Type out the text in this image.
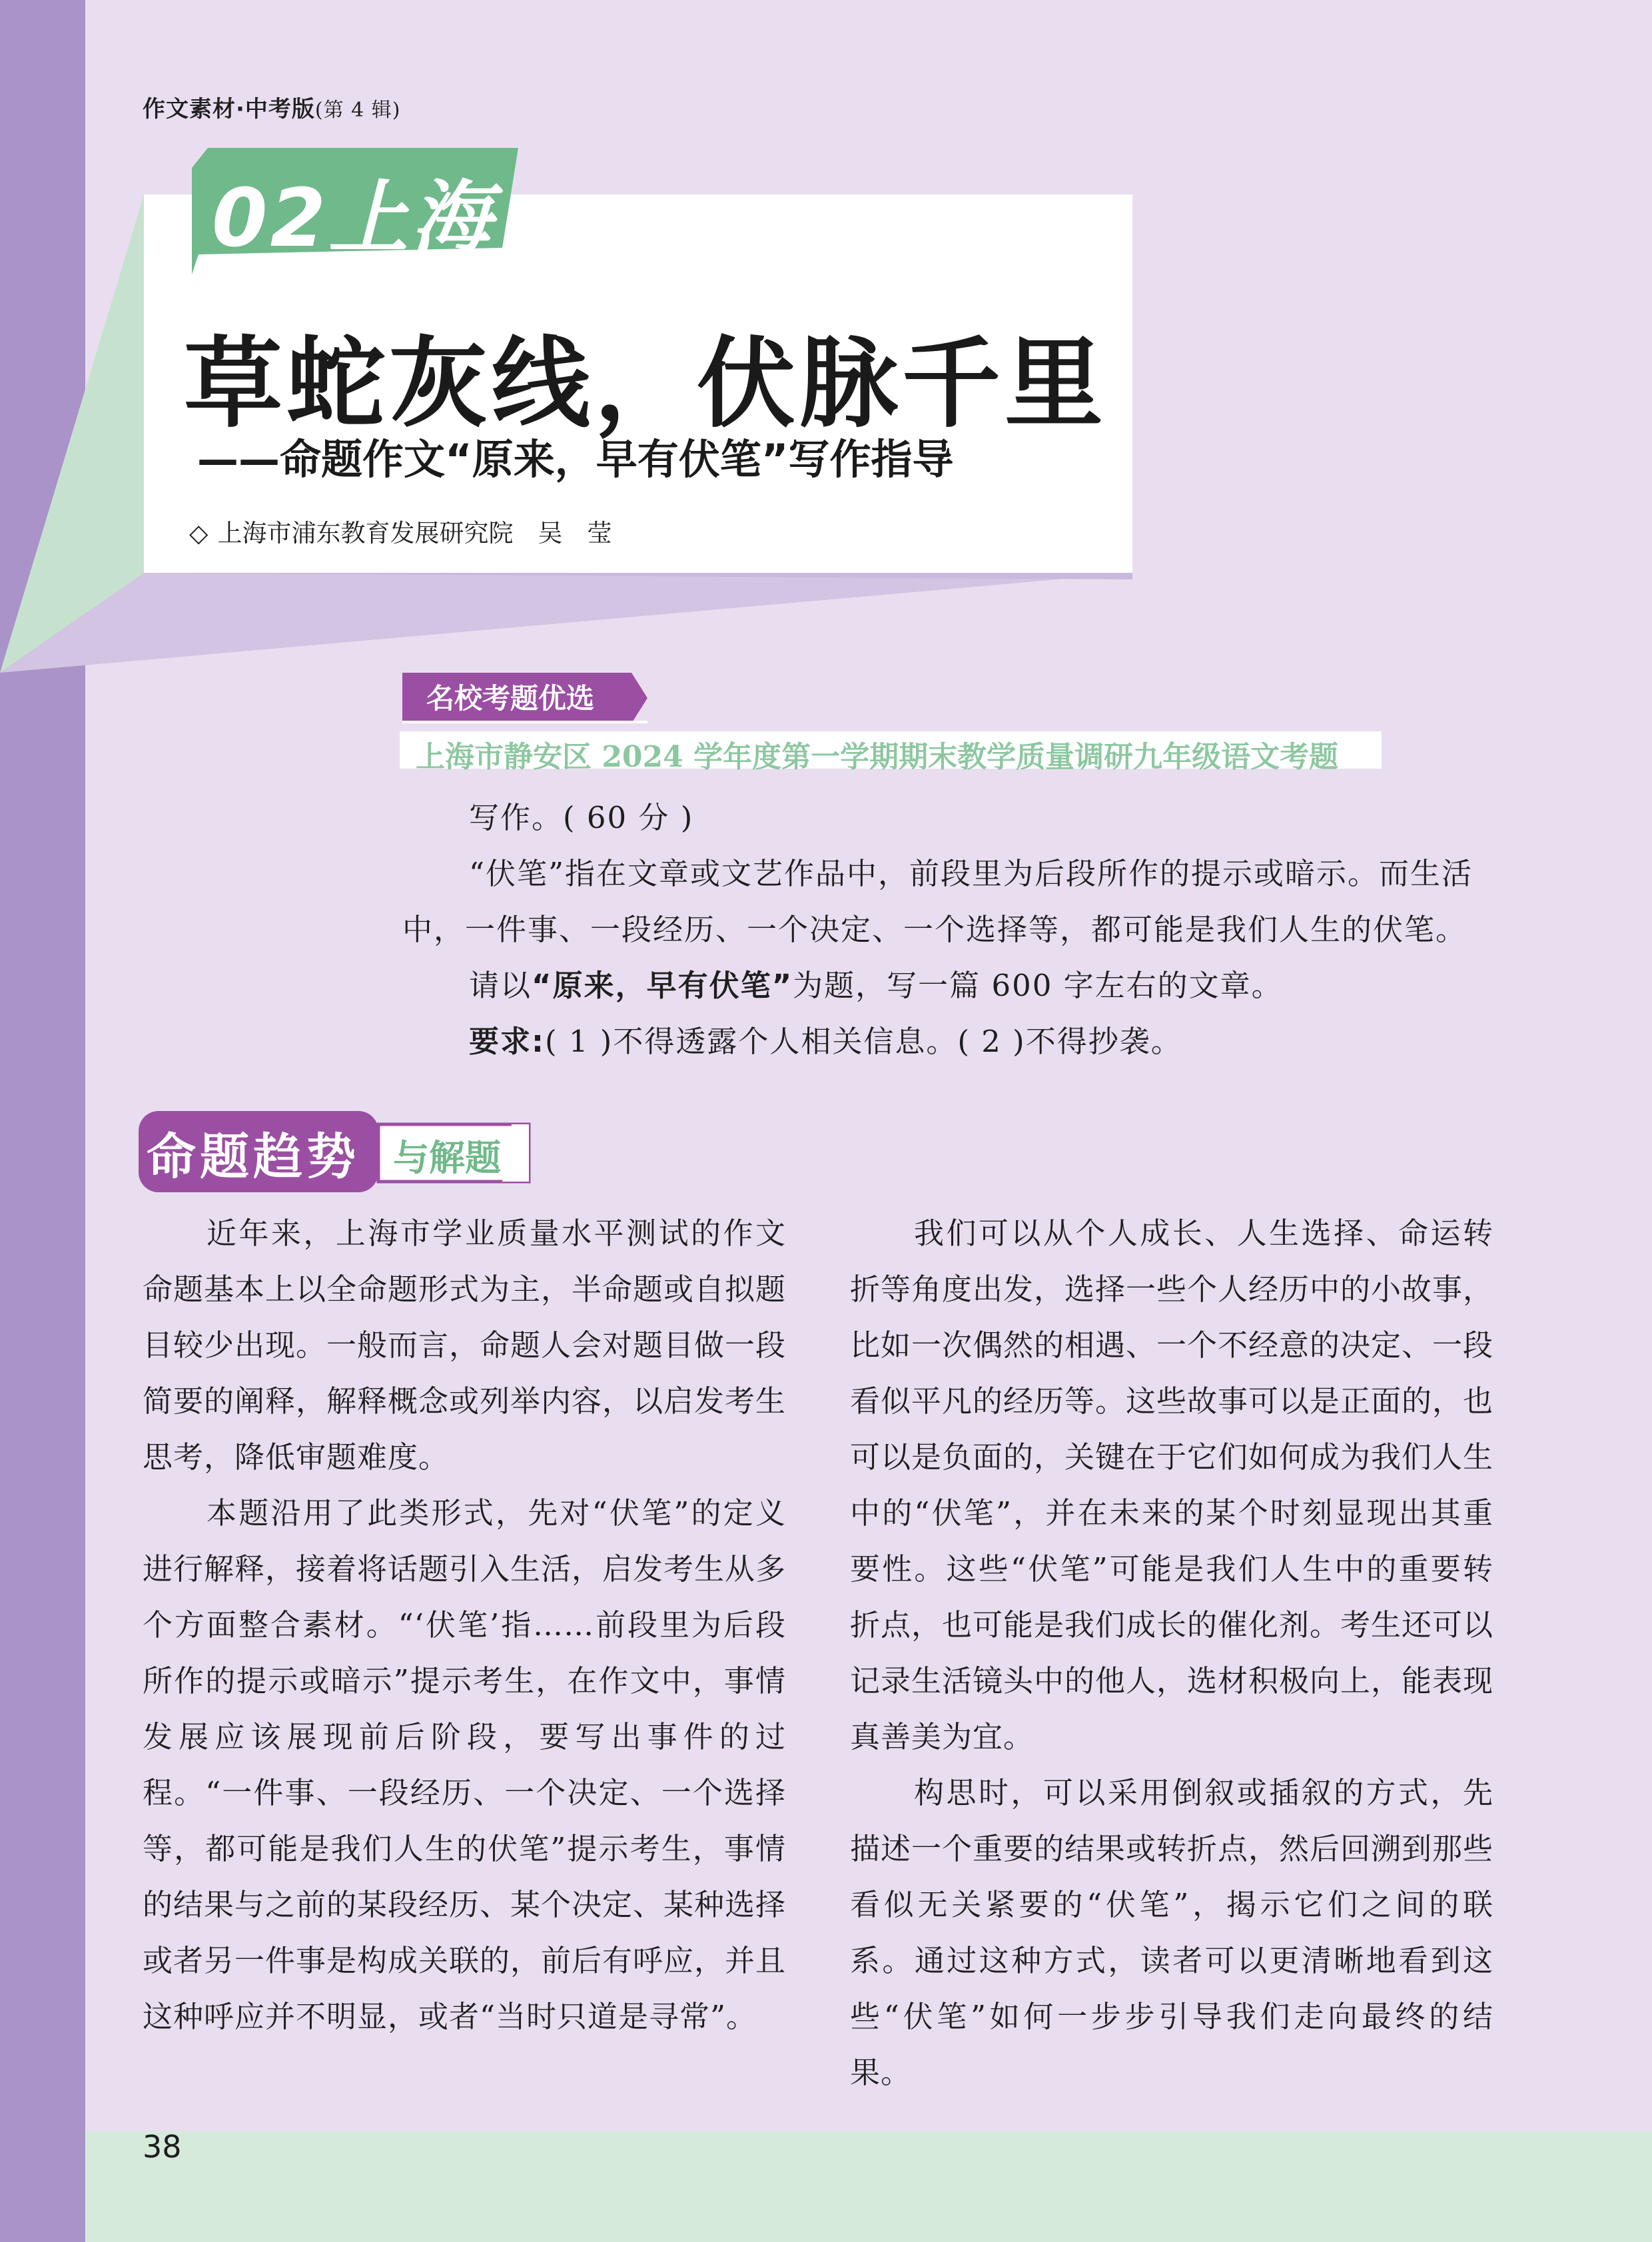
作文素材·中考版(第 4 辑)
02上海
草蛇灰线，伏脉千里
——命题作文“原来，早有伏笔”写作指导
◇ 上海市浦东教育发展研究院　吴　莹
名校考题优选
上海市静安区 2024 学年度第一学期期末教学质量调研九年级语文考题

写作。( 60 分 )

“伏笔”指在文章或文艺作品中，前段里为后段所作的提示或暗示。而生活中，一件事、一段经历、一个决定、一个选择等，都可能是我们人生的伏笔。

请以“原来，早有伏笔”为题，写一篇 600 字左右的文章。

要求:( 1 )不得透露个人相关信息。( 2 )不得抄袭。

命题趋势 与解题

近年来，上海市学业质量水平测试的作文命题基本上以全命题形式为主，半命题或自拟题目较少出现。一般而言，命题人会对题目做一段简要的阐释，解释概念或列举内容，以启发考生思考，降低审题难度。

本题沿用了此类形式，先对“伏笔”的定义进行解释，接着将话题引入生活，启发考生从多个方面整合素材。“‘伏笔’指……前段里为后段所作的提示或暗示”提示考生，在作文中，事情发展应该展现前后阶段，要写出事件的过程。“一件事、一段经历、一个决定、一个选择等，都可能是我们人生的伏笔”提示考生，事情的结果与之前的某段经历、某个决定、某种选择或者另一件事是构成关联的，前后有呼应，并且这种呼应并不明显，或者“当时只道是寻常”。

我们可以从个人成长、人生选择、命运转折等角度出发，选择一些个人经历中的小故事，比如一次偶然的相遇、一个不经意的决定、一段看似平凡的经历等。这些故事可以是正面的，也可以是负面的，关键在于它们如何成为我们人生中的“伏笔”，并在未来的某个时刻显现出其重要性。这些“伏笔”可能是我们人生中的重要转折点，也可能是我们成长的催化剂。考生还可以记录生活镜头中的他人，选材积极向上，能表现真善美为宜。

构思时，可以采用倒叙或插叙的方式，先描述一个重要的结果或转折点，然后回溯到那些看似无关紧要的“伏笔”，揭示它们之间的联系。通过这种方式，读者可以更清晰地看到这些“伏笔”如何一步步引导我们走向最终的结果。

38
